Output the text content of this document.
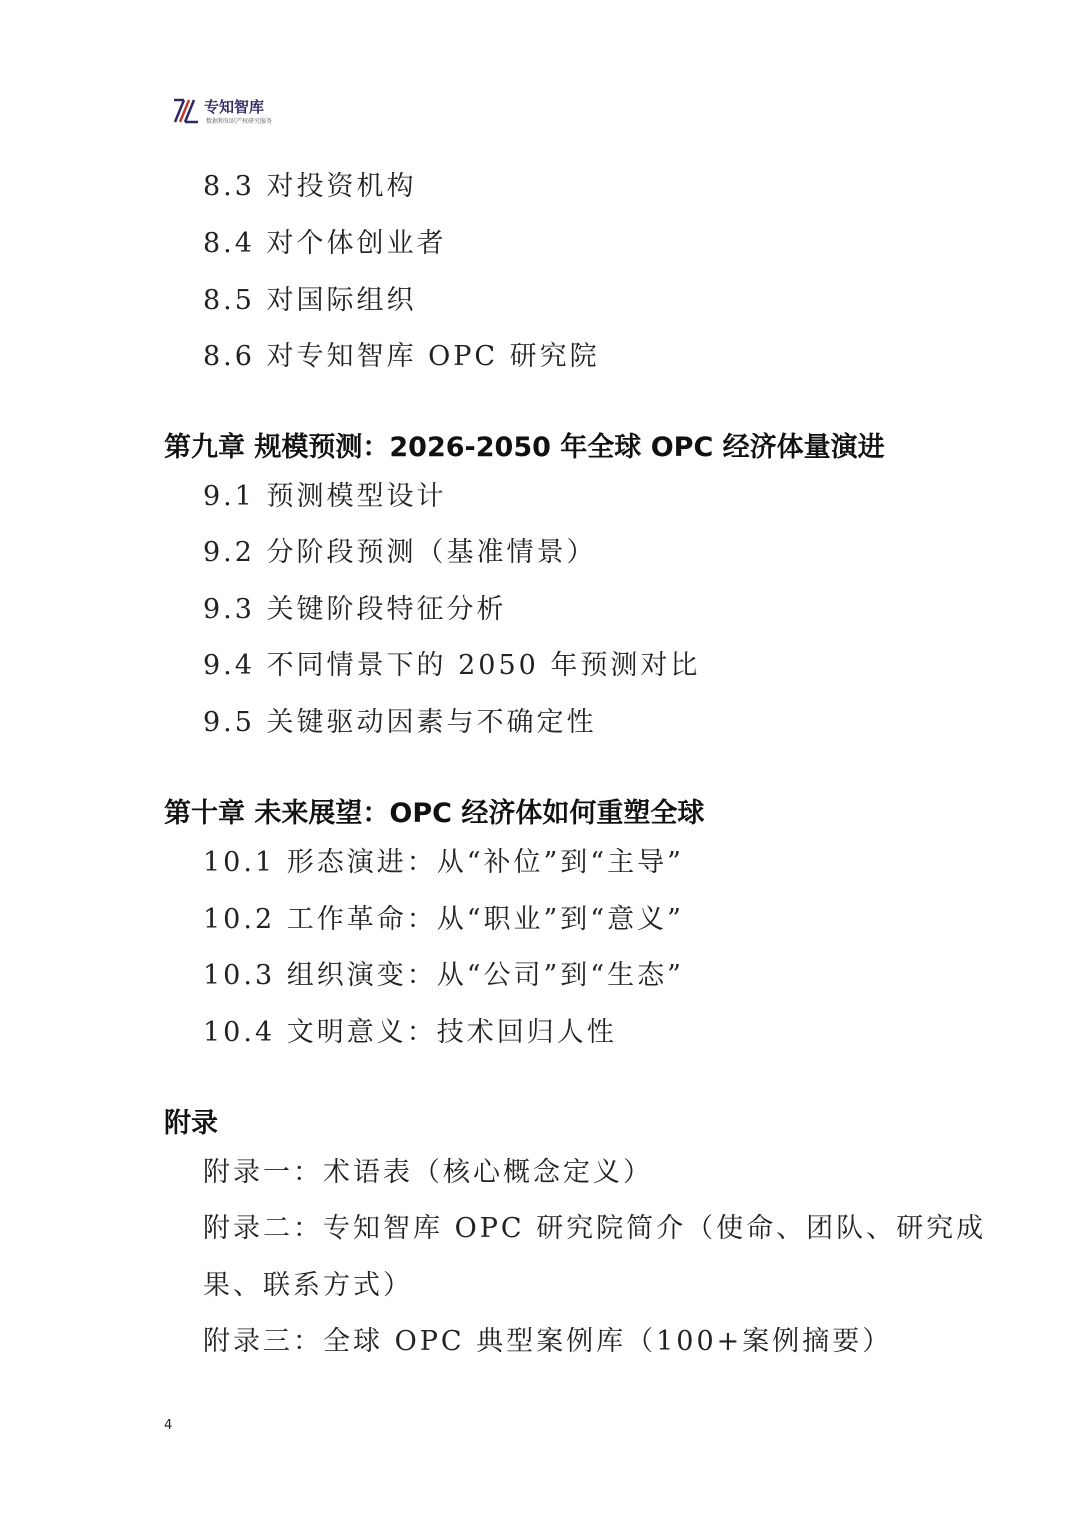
专知智库
数据和知识产权研究服务
8.3 对投资机构
8.4 对个体创业者
8.5 对国际组织
8.6 对专知智库 OPC 研究院
第九章 规模预测：2026-2050 年全球 OPC 经济体量演进
9.1 预测模型设计
9.2 分阶段预测（基准情景）
9.3 关键阶段特征分析
9.4 不同情景下的 2050 年预测对比
9.5 关键驱动因素与不确定性
第十章 未来展望：OPC 经济体如何重塑全球
10.1 形态演进：从“补位”到“主导”
10.2 工作革命：从“职业”到“意义”
10.3 组织演变：从“公司”到“生态”
10.4 文明意义：技术回归人性
附录
附录一：术语表（核心概念定义）
附录二：专知智库 OPC 研究院简介（使命、团队、研究成
果、联系方式）
附录三：全球 OPC 典型案例库（100+案例摘要）
4
